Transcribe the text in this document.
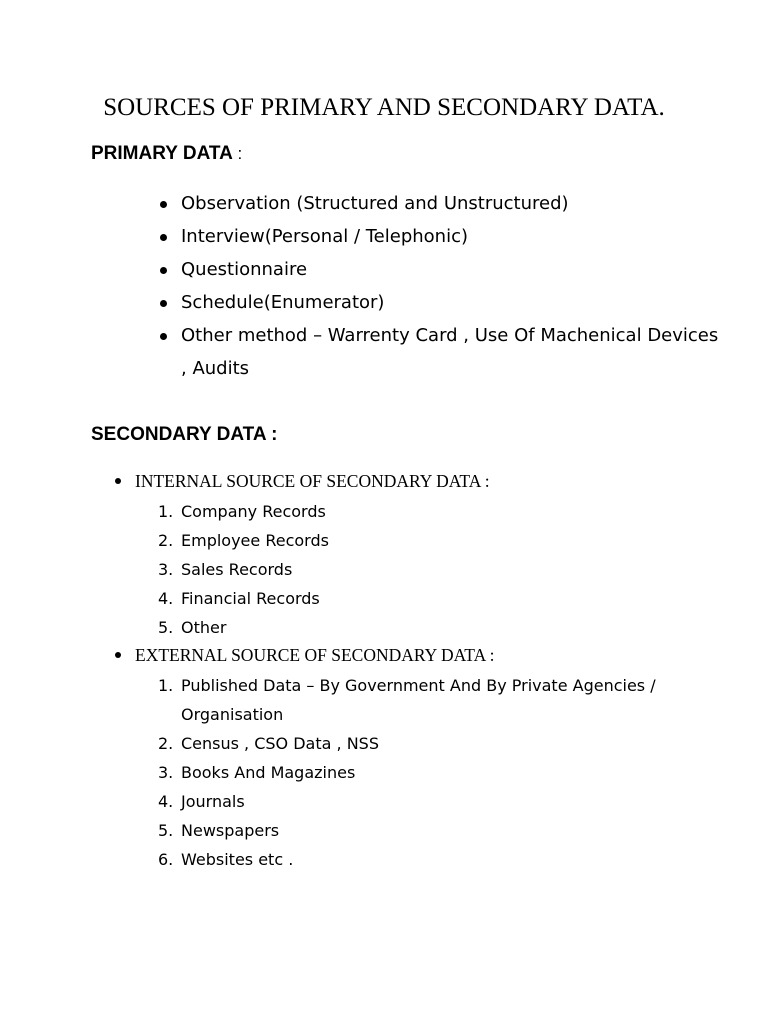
SOURCES OF PRIMARY AND SECONDARY DATA.
PRIMARY DATA :
Observation (Structured and Unstructured)
Interview(Personal / Telephonic)
Questionnaire
Schedule(Enumerator)
Other method – Warrenty Card , Use Of Machenical Devices , Audits
SECONDARY DATA :
INTERNAL SOURCE OF SECONDARY DATA :
1. Company Records
2. Employee Records
3. Sales Records
4. Financial Records
5. Other
EXTERNAL SOURCE OF SECONDARY DATA :
1. Published Data – By Government And By Private Agencies / Organisation
2. Census , CSO Data , NSS
3. Books And Magazines
4. Journals
5. Newspapers
6. Websites etc .
